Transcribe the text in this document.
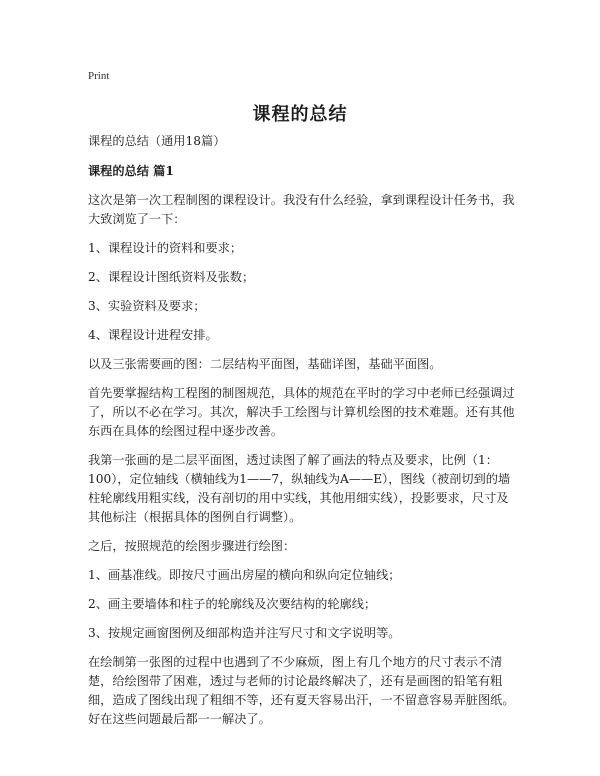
Print
课程的总结

课程的总结（通用18篇）

课程的总结 篇1

这次是第一次工程制图的课程设计。我没有什么经验，拿到课程设计任务书，我大致浏览了一下：

1、课程设计的资料和要求；

2、课程设计图纸资料及张数；

3、实验资料及要求；

4、课程设计进程安排。

以及三张需要画的图：二层结构平面图，基础详图，基础平面图。

首先要掌握结构工程图的制图规范，具体的规范在平时的学习中老师已经强调过了，所以不必在学习。其次，解决手工绘图与计算机绘图的技术难题。还有其他东西在具体的绘图过程中逐步改善。

我第一张画的是二层平面图，透过读图了解了画法的特点及要求，比例（1：100），定位轴线（横轴线为1——7，纵轴线为A——E），图线（被剖切到的墙柱轮廓线用粗实线，没有剖切的用中实线，其他用细实线），投影要求，尺寸及其他标注（根据具体的图例自行调整）。

之后，按照规范的绘图步骤进行绘图：

1、画基准线。即按尺寸画出房屋的横向和纵向定位轴线；

2、画主要墙体和柱子的轮廓线及次要结构的轮廓线；

3、按规定画窗图例及细部构造并注写尺寸和文字说明等。

在绘制第一张图的过程中也遇到了不少麻烦，图上有几个地方的尺寸表示不清楚，给绘图带了困难，透过与老师的讨论最终解决了，还有是画图的铅笔有粗细，造成了图线出现了粗细不等，还有夏天容易出汗，一不留意容易弄脏图纸。好在这些问题最后都一一解决了。
